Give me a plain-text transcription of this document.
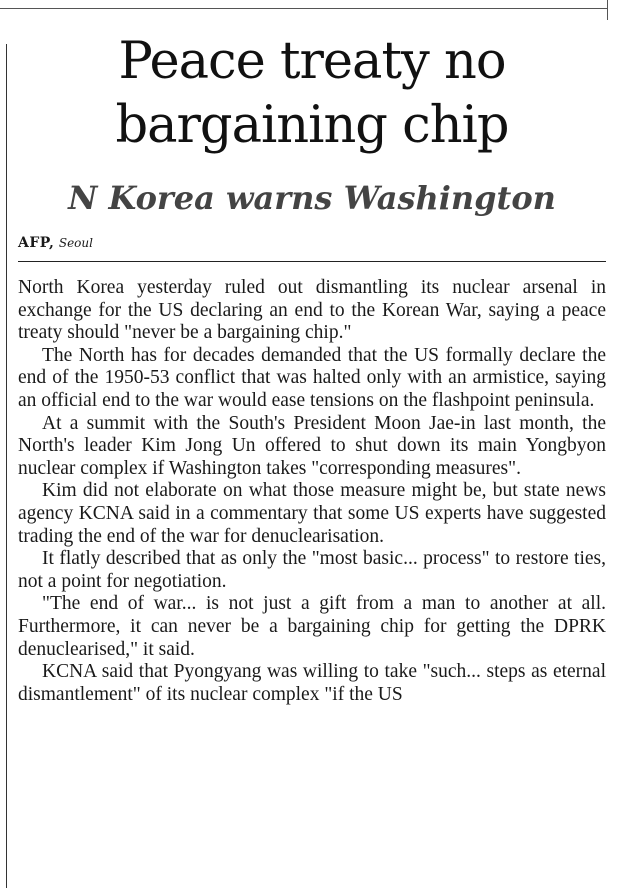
Peace treaty no
bargaining chip
N Korea warns Washington
AFP, Seoul

North Korea yesterday ruled out dismantling its nuclear arsenal in exchange for the US declaring an end to the Korean War, saying a peace treaty should "never be a bargaining chip."

The North has for decades demanded that the US formally declare the end of the 1950-53 conflict that was halted only with an armistice, saying an official end to the war would ease tensions on the flashpoint peninsula.

At a summit with the South's President Moon Jae-in last month, the North's leader Kim Jong Un offered to shut down its main Yongbyon nuclear complex if Washington takes "corresponding measures".

Kim did not elaborate on what those measure might be, but state news agency KCNA said in a commentary that some US experts have suggested trading the end of the war for denuclearisation.

It flatly described that as only the "most basic... process" to restore ties, not a point for negotiation.

"The end of war... is not just a gift from a man to another at all. Furthermore, it can never be a bargaining chip for getting the DPRK denuclearised," it said.

KCNA said that Pyongyang was willing to take "such... steps as eternal dismantlement" of its nuclear complex "if the US
